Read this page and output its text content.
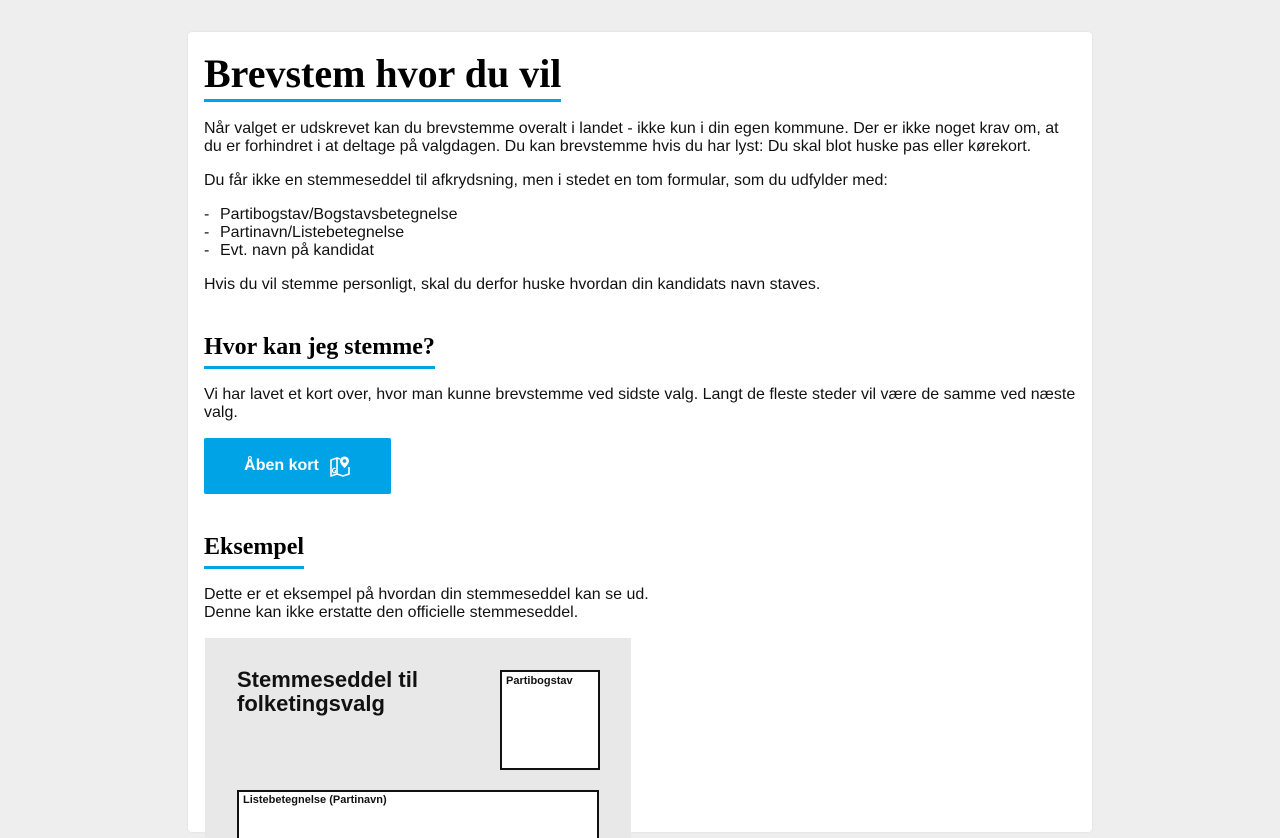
Brevstem hvor du vil

Når valget er udskrevet kan du brevstemme overalt i landet - ikke kun i din egen kommune. Der er ikke noget krav om, at du er forhindret i at deltage på valgdagen. Du kan brevstemme hvis du har lyst: Du skal blot huske pas eller kørekort.

Du får ikke en stemmeseddel til afkrydsning, men i stedet en tom formular, som du udfylder med:

- Partibogstav/Bogstavsbetegnelse
- Partinavn/Listebetegnelse
- Evt. navn på kandidat

Hvis du vil stemme personligt, skal du derfor huske hvordan din kandidats navn staves.

Hvor kan jeg stemme?

Vi har lavet et kort over, hvor man kunne brevstemme ved sidste valg. Langt de fleste steder vil være de samme ved næste valg.

Åben kort
Eksempel

Dette er et eksempel på hvordan din stemmeseddel kan se ud.
Denne kan ikke erstatte den officielle stemmeseddel.

Stemmeseddel til
folketingsvalg
Partibogstav
Listebetegnelse (Partinavn)
